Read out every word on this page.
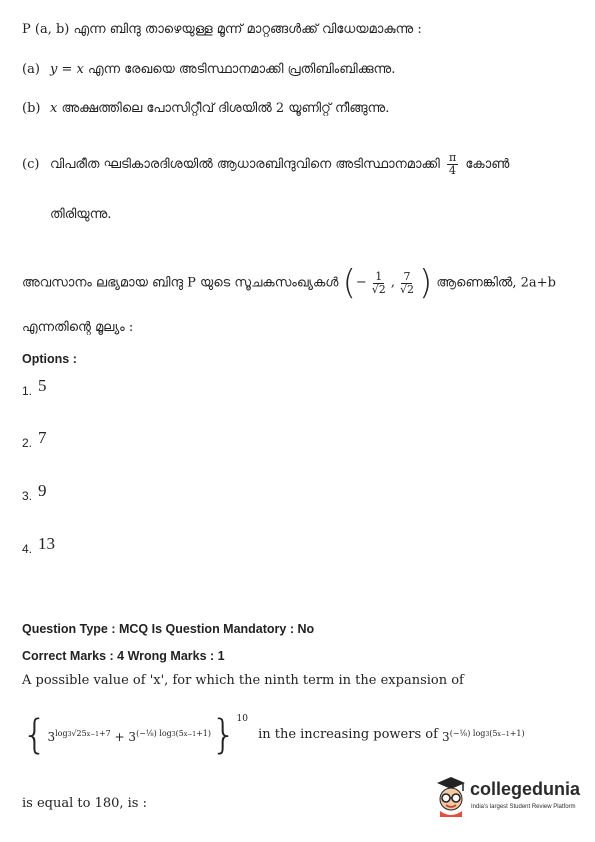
P (a, b) എന്ന ബിന്ദു താഴെയുള്ള മൂന്ന് മാറ്റങ്ങൾക്ക് വിധേയമാകുന്നു :
(a) y = x എന്ന രേഖയെ അടിസ്ഥാനമാക്കി പ്രതിബിംബിക്കുന്നു.
(b) x അക്ഷത്തിലെ പോസിറ്റീവ് ദിശയിൽ 2 യൂണിറ്റ് നീങ്ങുന്നു.
(c) വിപരീത ഘടികാരദിശയിൽ ആധാരബിന്ദുവിനെ അടിസ്ഥാനമാക്കി $\frac{\pi}{4}$ കോൺ
തിരിയുന്നു.
അവസാനം ലഭ്യമായ ബിന്ദു P യുടെ സൂചകസംഖ്യകൾ (− $\frac{1}{√2}$ , $\frac{7}{√2}$ ) ആണെങ്കിൽ, 2a+b
എന്നതിന്റെ മൂല്യം :
Options :
1. 5
2. 7
3. 9
4. 13
Question Type : MCQ Is Question Mandatory : No
Correct Marks : 4 Wrong Marks : 1
A possible value of 'x', for which the ninth term in the expansion of
$\{3^{log3√25x-1+7} + 3^{(-\frac{1}{8}) log3(5x-1+1)}\}^{10}$ in the increasing powers of $3^{(-\frac{1}{8}) log3(5x-1+1)}$
is equal to 180, is :
collegedunia
India's largest Student Review Platform
